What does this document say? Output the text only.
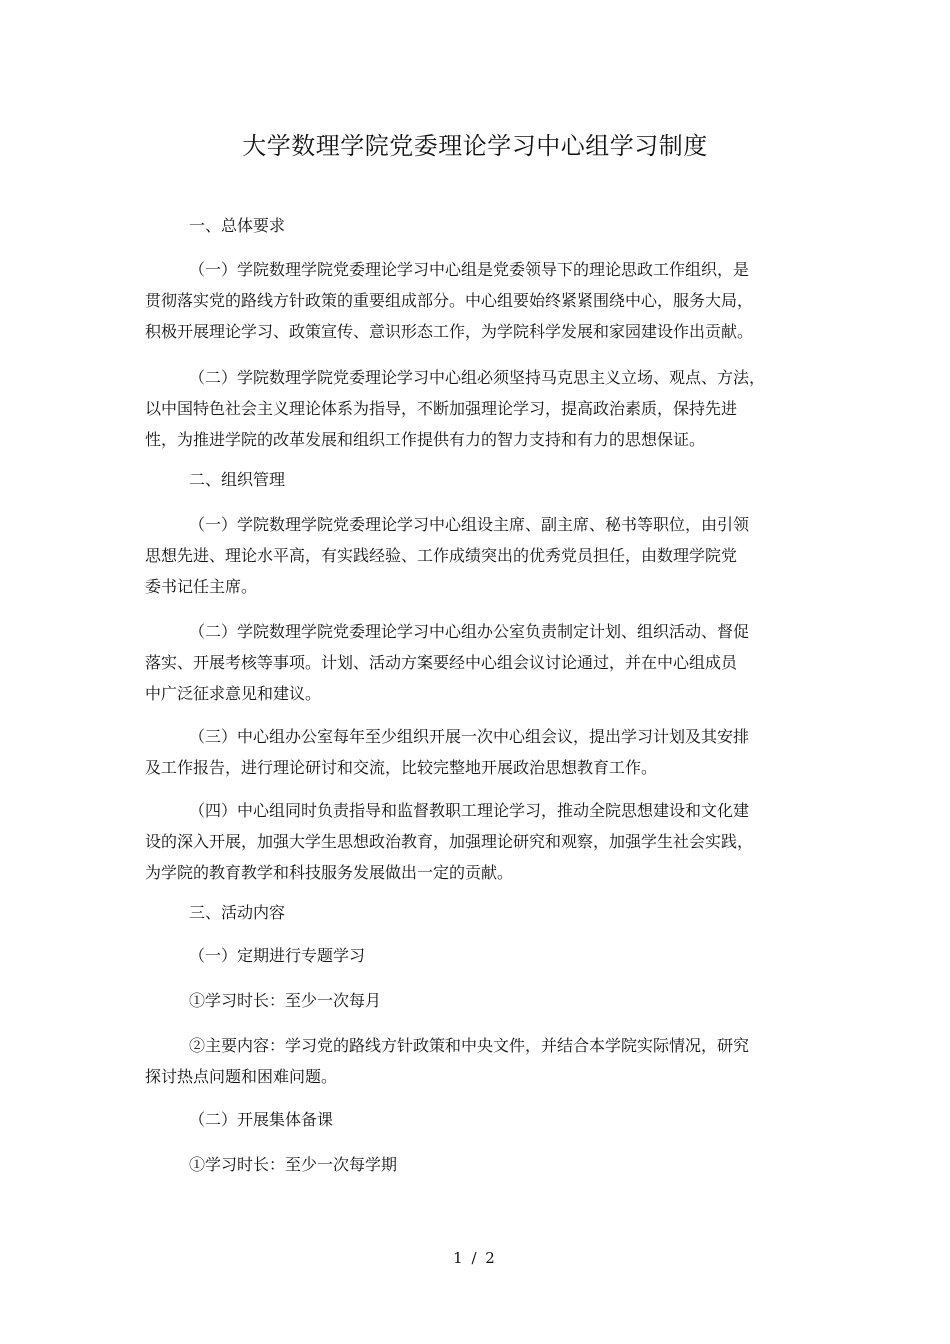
大学数理学院党委理论学习中心组学习制度
一、总体要求
（一）学院数理学院党委理论学习中心组是党委领导下的理论思政工作组织，是
贯彻落实党的路线方针政策的重要组成部分。中心组要始终紧紧围绕中心，服务大局，
积极开展理论学习、政策宣传、意识形态工作，为学院科学发展和家园建设作出贡献。
（二）学院数理学院党委理论学习中心组必须坚持马克思主义立场、观点、方法，
以中国特色社会主义理论体系为指导，不断加强理论学习，提高政治素质，保持先进
性，为推进学院的改革发展和组织工作提供有力的智力支持和有力的思想保证。
二、组织管理
（一）学院数理学院党委理论学习中心组设主席、副主席、秘书等职位，由引领
思想先进、理论水平高，有实践经验、工作成绩突出的优秀党员担任，由数理学院党
委书记任主席。
（二）学院数理学院党委理论学习中心组办公室负责制定计划、组织活动、督促
落实、开展考核等事项。计划、活动方案要经中心组会议讨论通过，并在中心组成员
中广泛征求意见和建议。
（三）中心组办公室每年至少组织开展一次中心组会议，提出学习计划及其安排
及工作报告，进行理论研讨和交流，比较完整地开展政治思想教育工作。
（四）中心组同时负责指导和监督教职工理论学习，推动全院思想建设和文化建
设的深入开展，加强大学生思想政治教育，加强理论研究和观察，加强学生社会实践，
为学院的教育教学和科技服务发展做出一定的贡献。
三、活动内容
（一）定期进行专题学习
①学习时长：至少一次每月
②主要内容：学习党的路线方针政策和中央文件，并结合本学院实际情况，研究
探讨热点问题和困难问题。
（二）开展集体备课
①学习时长：至少一次每学期
1 / 2
